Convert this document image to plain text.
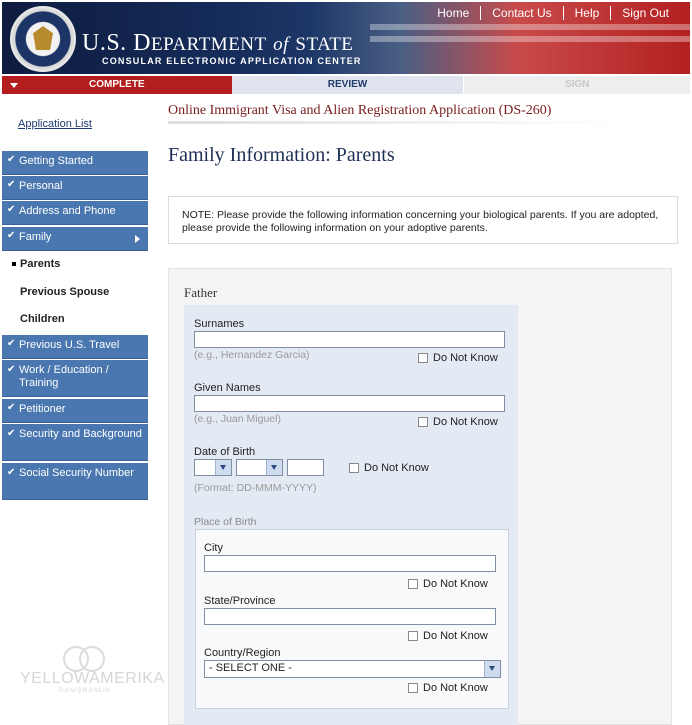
U.S. DEPARTMENT of STATE
CONSULAR ELECTRONIC APPLICATION CENTER
Home	Contact Us	Help	Sign Out
COMPLETE	REVIEW	SIGN
Application List
✔ Getting Started
✔ Personal
✔ Address and Phone
✔ Family
Parents
Previous Spouse
Children
✔ Previous U.S. Travel
✔ Work / Education / Training
✔ Petitioner
✔ Security and Background
✔ Social Security Number
YELLOWAMERIKA
DANIŞMANLIK
Online Immigrant Visa and Alien Registration Application (DS-260)
Family Information: Parents
NOTE: Please provide the following information concerning your biological parents. If you are adopted, please provide the following information on your adoptive parents.
Father
Surnames
(e.g., Hernandez Garcia)	Do Not Know
Given Names
(e.g., Juan Miguel)	Do Not Know
Date of Birth
Do Not Know
(Format: DD-MMM-YYYY)
Place of Birth
City
Do Not Know
State/Province
Do Not Know
Country/Region
- SELECT ONE -
Do Not Know
